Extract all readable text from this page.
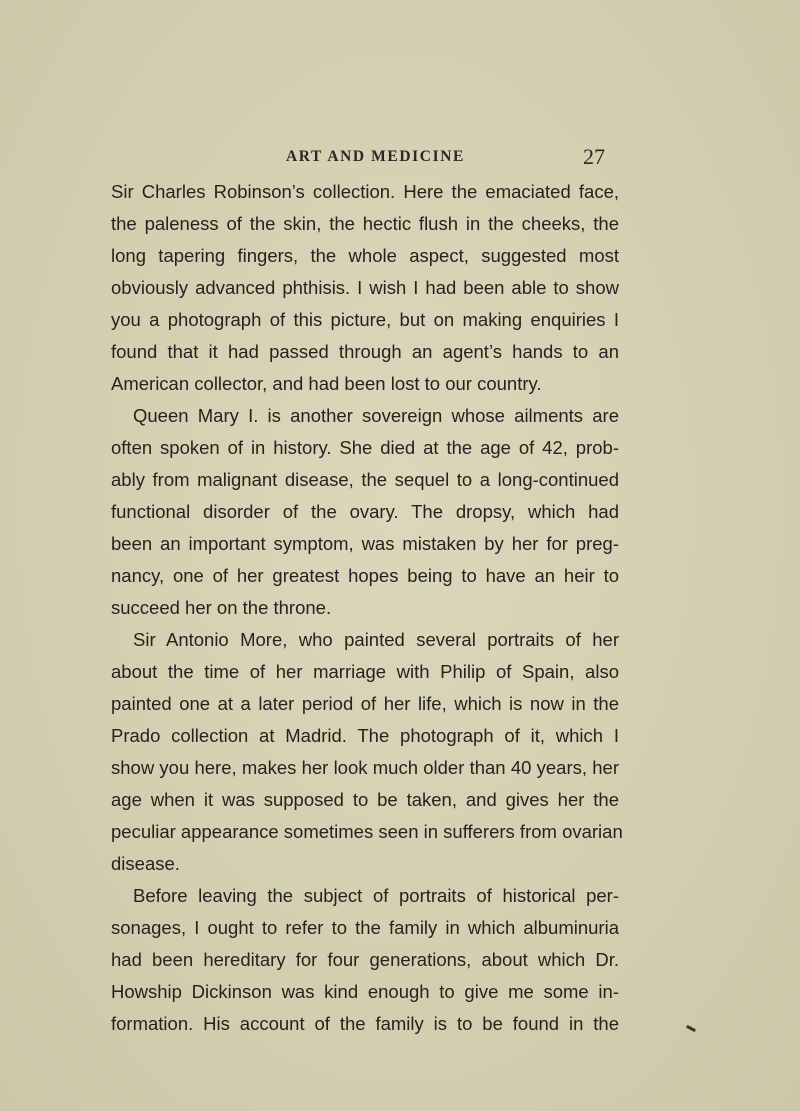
ART AND MEDICINE	27
Sir Charles Robinson’s collection. Here the emaciated face,
the paleness of the skin, the hectic flush in the cheeks, the
long tapering fingers, the whole aspect, suggested most
obviously advanced phthisis. I wish I had been able to show
you a photograph of this picture, but on making enquiries I
found that it had passed through an agent’s hands to an
American collector, and had been lost to our country.
Queen Mary I. is another sovereign whose ailments are
often spoken of in history. She died at the age of 42, prob-
ably from malignant disease, the sequel to a long-continued
functional disorder of the ovary. The dropsy, which had
been an important symptom, was mistaken by her for preg-
nancy, one of her greatest hopes being to have an heir to
succeed her on the throne.
Sir Antonio More, who painted several portraits of her
about the time of her marriage with Philip of Spain, also
painted one at a later period of her life, which is now in the
Prado collection at Madrid. The photograph of it, which I
show you here, makes her look much older than 40 years, her
age when it was supposed to be taken, and gives her the
peculiar appearance sometimes seen in sufferers from ovarian
disease.
Before leaving the subject of portraits of historical per-
sonages, I ought to refer to the family in which albuminuria
had been hereditary for four generations, about which Dr.
Howship Dickinson was kind enough to give me some in-
formation. His account of the family is to be found in the
